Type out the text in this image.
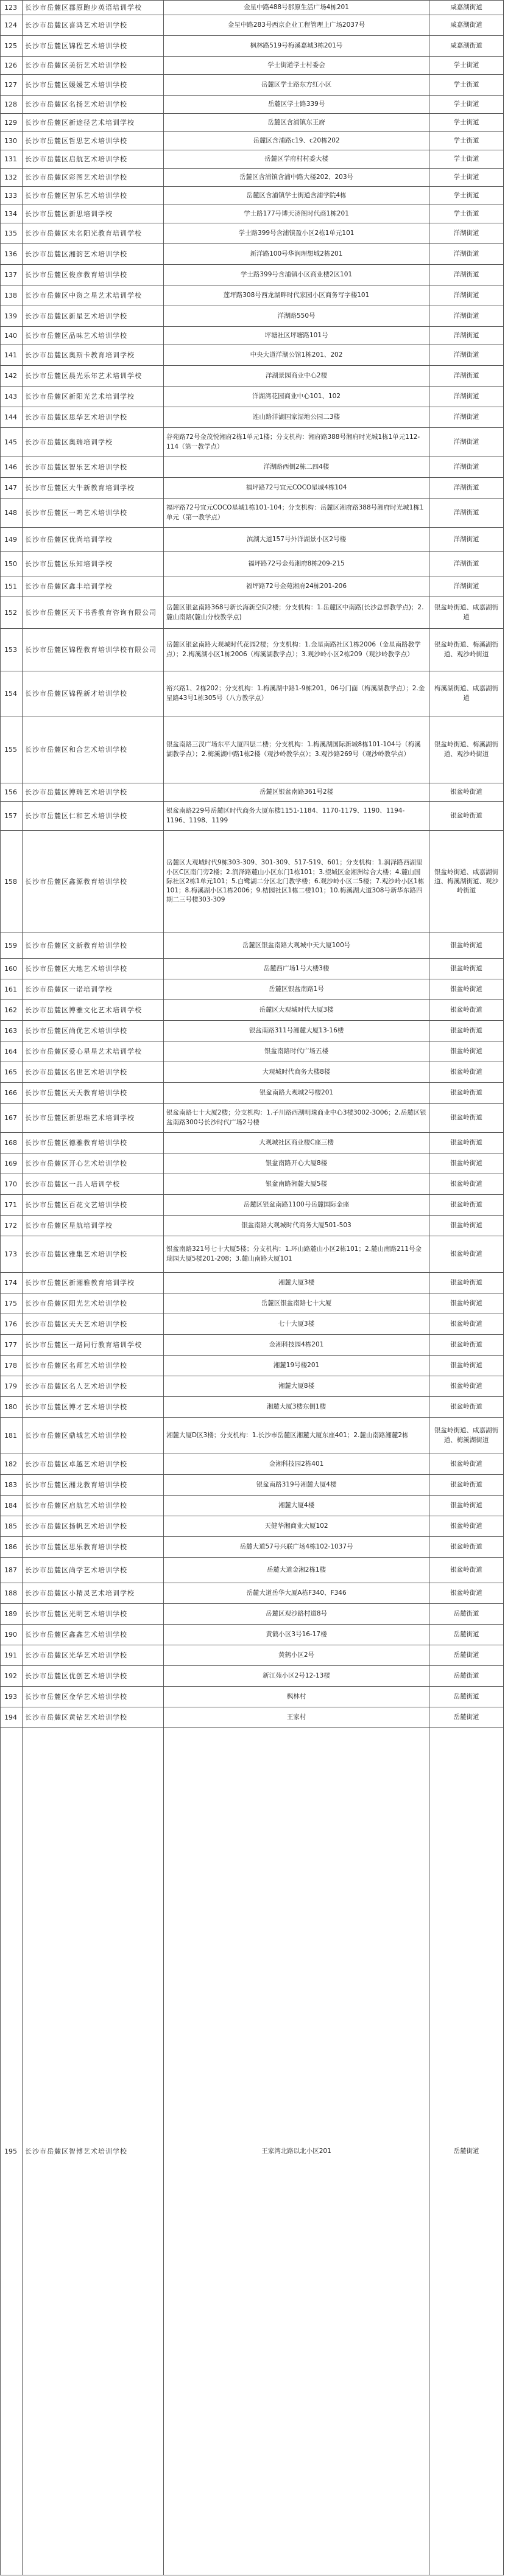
123	长沙市岳麓区郡原跑步英语培训学校	金星中路488号郡原生活广场4栋201	咸嘉湖街道
124	长沙市岳麓区喜鸿艺术培训学校	金星中路283号西京企业工程管理上广场2037号	咸嘉湖街道
125	长沙市岳麓区锦程艺术培训学校	枫林路519号梅溪嘉城3栋201号	咸嘉湖街道
126	长沙市岳麓区美衍艺术培训学校	学士街道学士村委会	学士街道
127	长沙市岳麓区媛媛艺术培训学校	岳麓区学士路东方红小区	学士街道
128	长沙市岳麓区名扬艺术培训学校	岳麓区学士路339号	学士街道
129	长沙市岳麓区新途径艺术培训学校	岳麓区含浦镇东王府	学士街道
130	长沙市岳麓区哲思艺术培训学校	岳麓区含浦路c19、c20栋202	学士街道
131	长沙市岳麓区启航艺术培训学校	岳麓区学府村村委大楼	学士街道
132	长沙市岳麓区彩图艺术培训学校	岳麓区含浦镇含浦中路大楼202、203号	学士街道
133	长沙市岳麓区智乐艺术培训学校	岳麓区含浦镇学士街道含浦学院4栋	学士街道
134	长沙市岳麓区新思培训学校	学士路177号博天济阁时代商1栋201	学士街道
135	长沙市岳麓区未名阳光教育培训学校	学士路399号含浦镇盈小区2栋1单元101	洋湖街道
136	长沙市岳麓区湘韵艺术培训学校	新洋路100号华润理想城2栋201	洋湖街道
137	长沙市岳麓区俊彦教育培训学校	学士路399号含浦镇小区商业楼2区101	洋湖街道
138	长沙市岳麓区中资之星艺术培训学校	莲坪路308号西龙湖畔时代家园小区商务写字楼101	洋湖街道
139	长沙市岳麓区新星艺术培训学校	洋湖路550号	洋湖街道
140	长沙市岳麓区品味艺术培训学校	坪塘社区坪塘路101号	洋湖街道
141	长沙市岳麓区奥斯卡教育培训学校	中央大道洋湖公馆1栋201、202	洋湖街道
142	长沙市岳麓区晨光乐年艺术培训学校	洋湖景园商业中心2楼	洋湖街道
143	长沙市岳麓区新阳光艺术培训学校	洋湖湾花园商业中心101、102	洋湖街道
144	长沙市岳麓区思华艺术培训学校	连山路洋湖国家湿地公园二3楼	洋湖街道
145	长沙市岳麓区奥瑞培训学校	谷苑路72号金茂悦湘府2栋1单元1楼；分支机构：湘府路388号湘府时光城1栋1单元112-114（第一教学点）	洋湖街道
146	长沙市岳麓区智乐艺术培训学校	洋湖路西侧2栋二四4楼	洋湖街道
147	长沙市岳麓区大牛新教育培训学校	福坪路72号宜元COCO星城4栋104	洋湖街道
148	长沙市岳麓区一鸣艺术培训学校	福坪路72号宜元COCO星城1栋101-104；分支机构：岳麓区湘府路388号湘府时光城1栋1单元（第一教学点）	洋湖街道
149	长沙市岳麓区优尚培训学校	滨湖大道157号外洋湖景小区2号楼	洋湖街道
150	长沙市岳麓区乐知培训学校	福坪路72号金苑湘府8栋209-215	洋湖街道
151	长沙市岳麓区鑫丰培训学校	福坪路72号金苑湘府24栋201-206	洋湖街道
152	长沙市岳麓区天下书香教育咨询有限公司	岳麓区银盆南路368号新长海新空间2楼；分支机构：1.岳麓区中南路(长沙总部教学点)；2.麓山南路(麓山分校教学点)	银盆岭街道、咸嘉湖街道
153	长沙市岳麓区锦程教育培训学校有限公司	岳麓区银盆南路大观城时代花园2楼；分支机构：1.金星南路社区1栋2006（金星南路教学点）；2.梅溪湖小区1栋2006（梅溪湖教学点）；3.观沙岭小区2栋209（观沙岭教学点）	银盆岭街道、梅溪湖街道、观沙岭街道
154	长沙市岳麓区锦程新才培训学校	裕兴路1、2栋202；分支机构：1.梅溪湖中路1-9栋201，06号门面（梅溪湖教学点）；2.金星路43号1栋305号（八方教学点）	梅溪湖街道、咸嘉湖街道
155	长沙市岳麓区和合艺术培训学校	银盆南路三汊广场东平大厦四层二楼；分支机构：1.梅溪湖国际新城8栋101-104号（梅溪湖教学点）；2.梅溪湖中路1栋2楼（观沙岭教学点）；3.观沙路269号（观沙岭教学点）	银盆岭街道、梅溪湖街道、观沙岭街道
156	长沙市岳麓区博瑞艺术培训学校	岳麓区银盆南路361号2楼	银盆岭街道
157	长沙市岳麓区仁和艺术培训学校	银盆南路229号岳麓区时代商务大厦东楼1151-1184、1170-1179、1190、1194-1196、1198、1199	银盆岭街道
158	长沙市岳麓区鑫源教育培训学校	岳麓区大观城时代9栋303-309、301-309、517-519、601；分支机构：1.润泽路西湖里小区C区南门旁2楼；2.润泽路麓山小区东门1栋101；3.望城区金湘洲综合大楼；4.麓山国际社区2栋1单元101；5.白鹭湖二分区北门教学楼；6.观沙岭小区二5楼；7.观沙岭小区1栋101；8.梅溪湖小区1栋2006；9.桔园社区1栋二楼101；10.梅溪湖大道308号新华东路四期二三号楼303-309	银盆岭街道、咸嘉湖街道、梅溪湖街道、观沙岭街道
159	长沙市岳麓区文新教育培训学校	岳麓区银盆南路大观城中天大厦100号	银盆岭街道
160	长沙市岳麓区大地艺术培训学校	岳麓西广场1号大楼3楼	银盆岭街道
161	长沙市岳麓区一诺培训学校	岳麓区银盆南路1号	银盆岭街道
162	长沙市岳麓区博雅文化艺术培训学校	岳麓区大观城时代大厦3楼	银盆岭街道
163	长沙市岳麓区尚优艺术培训学校	银盆南路311号湘麓大厦13-16楼	银盆岭街道
164	长沙市岳麓区爱心星星艺术培训学校	银盆南路时代广场五楼	银盆岭街道
165	长沙市岳麓区名世艺术培训学校	大观城时代商务大楼8楼	银盆岭街道
166	长沙市岳麓区天天教育培训学校	银盆南路大观城2号楼201	银盆岭街道
167	长沙市岳麓区新思维艺术培训学校	银盆南路七十大厦2楼；分支机构：1.子川路西湖明珠商业中心3楼3002-3006；2.岳麓区银盆南路300号长沙时代广场2号楼	银盆岭街道
168	长沙市岳麓区德雅教育培训学校	大观城社区商业楼C座三楼	银盆岭街道
169	长沙市岳麓区开心艺术培训学校	银盆南路开心大厦8楼	银盆岭街道
170	长沙市岳麓区一品人培训学校	银盆南路湘麓大厦5楼	银盆岭街道
171	长沙市岳麓区百花文艺培训学校	岳麓区银盆南路1100号岳麓国际金座	银盆岭街道
172	长沙市岳麓区星航培训学校	银盆南路大观城时代商务大厦501-503	银盆岭街道
173	长沙市岳麓区雅集艺术培训学校	银盆南路321号七十大厦5楼；分支机构：1.环山路麓山小区2栋101；2.麓山南路211号金瑞园大厦5楼201-208；3.麓山南路大厦101	银盆岭街道
174	长沙市岳麓区新湘雅教育培训学校	湘麓大厦3楼	银盆岭街道
175	长沙市岳麓区阳光艺术培训学校	岳麓区银盆南路七十大厦	银盆岭街道
176	长沙市岳麓区天天艺术培训学校	七十大厦3楼	银盆岭街道
177	长沙市岳麓区一路同行教育培训学校	金湘科技园4栋201	银盆岭街道
178	长沙市岳麓区名师艺术培训学校	湘麓19号楼201	银盆岭街道
179	长沙市岳麓区名人艺术培训学校	湘麓大厦8楼	银盆岭街道
180	长沙市岳麓区博才艺术培训学校	湘麓大厦3楼东侧1楼	银盆岭街道
181	长沙市岳麓区鼎城艺术培训学校	湘麓大厦D区3楼；分支机构：1.长沙市岳麓区湘麓大厦东座401；2.麓山南路湘麓2栋	银盆岭街道、咸嘉湖街道、梅溪湖街道
182	长沙市岳麓区卓越艺术培训学校	金湘科技园2栋401	银盆岭街道
183	长沙市岳麓区湘龙教育培训学校	银盆南路319号湘麓大厦4楼	银盆岭街道
184	长沙市岳麓区启航艺术培训学校	湘麓大厦4楼	银盆岭街道
185	长沙市岳麓区扬帆艺术培训学校	天健华湘商业大厦102	银盆岭街道
186	长沙市岳麓区思乐教育培训学校	岳麓大道57号兴联广场4栋102-1037号	银盆岭街道
187	长沙市岳麓区尚学艺术培训学校	岳麓大道金湘2栋1楼	银盆岭街道
188	长沙市岳麓区小精灵艺术培训学校	岳麓大道岳华大厦A栋F340、F346	银盆岭街道
189	长沙市岳麓区光明艺术培训学校	岳麓区观沙路村道8号	岳麓街道
190	长沙市岳麓区鑫鑫艺术培训学校	黄鹤小区3号16-17楼	岳麓街道
191	长沙市岳麓区光华艺术培训学校	黄鹤小区2号	岳麓街道
192	长沙市岳麓区优创艺术培训学校	新江苑小区2号12-13楼	岳麓街道
193	长沙市岳麓区金华艺术培训学校	枫林村	岳麓街道
194	长沙市岳麓区黄钻艺术培训学校	王家村	岳麓街道
195	长沙市岳麓区智博艺术培训学校	王家湾北路以北小区201	岳麓街道
